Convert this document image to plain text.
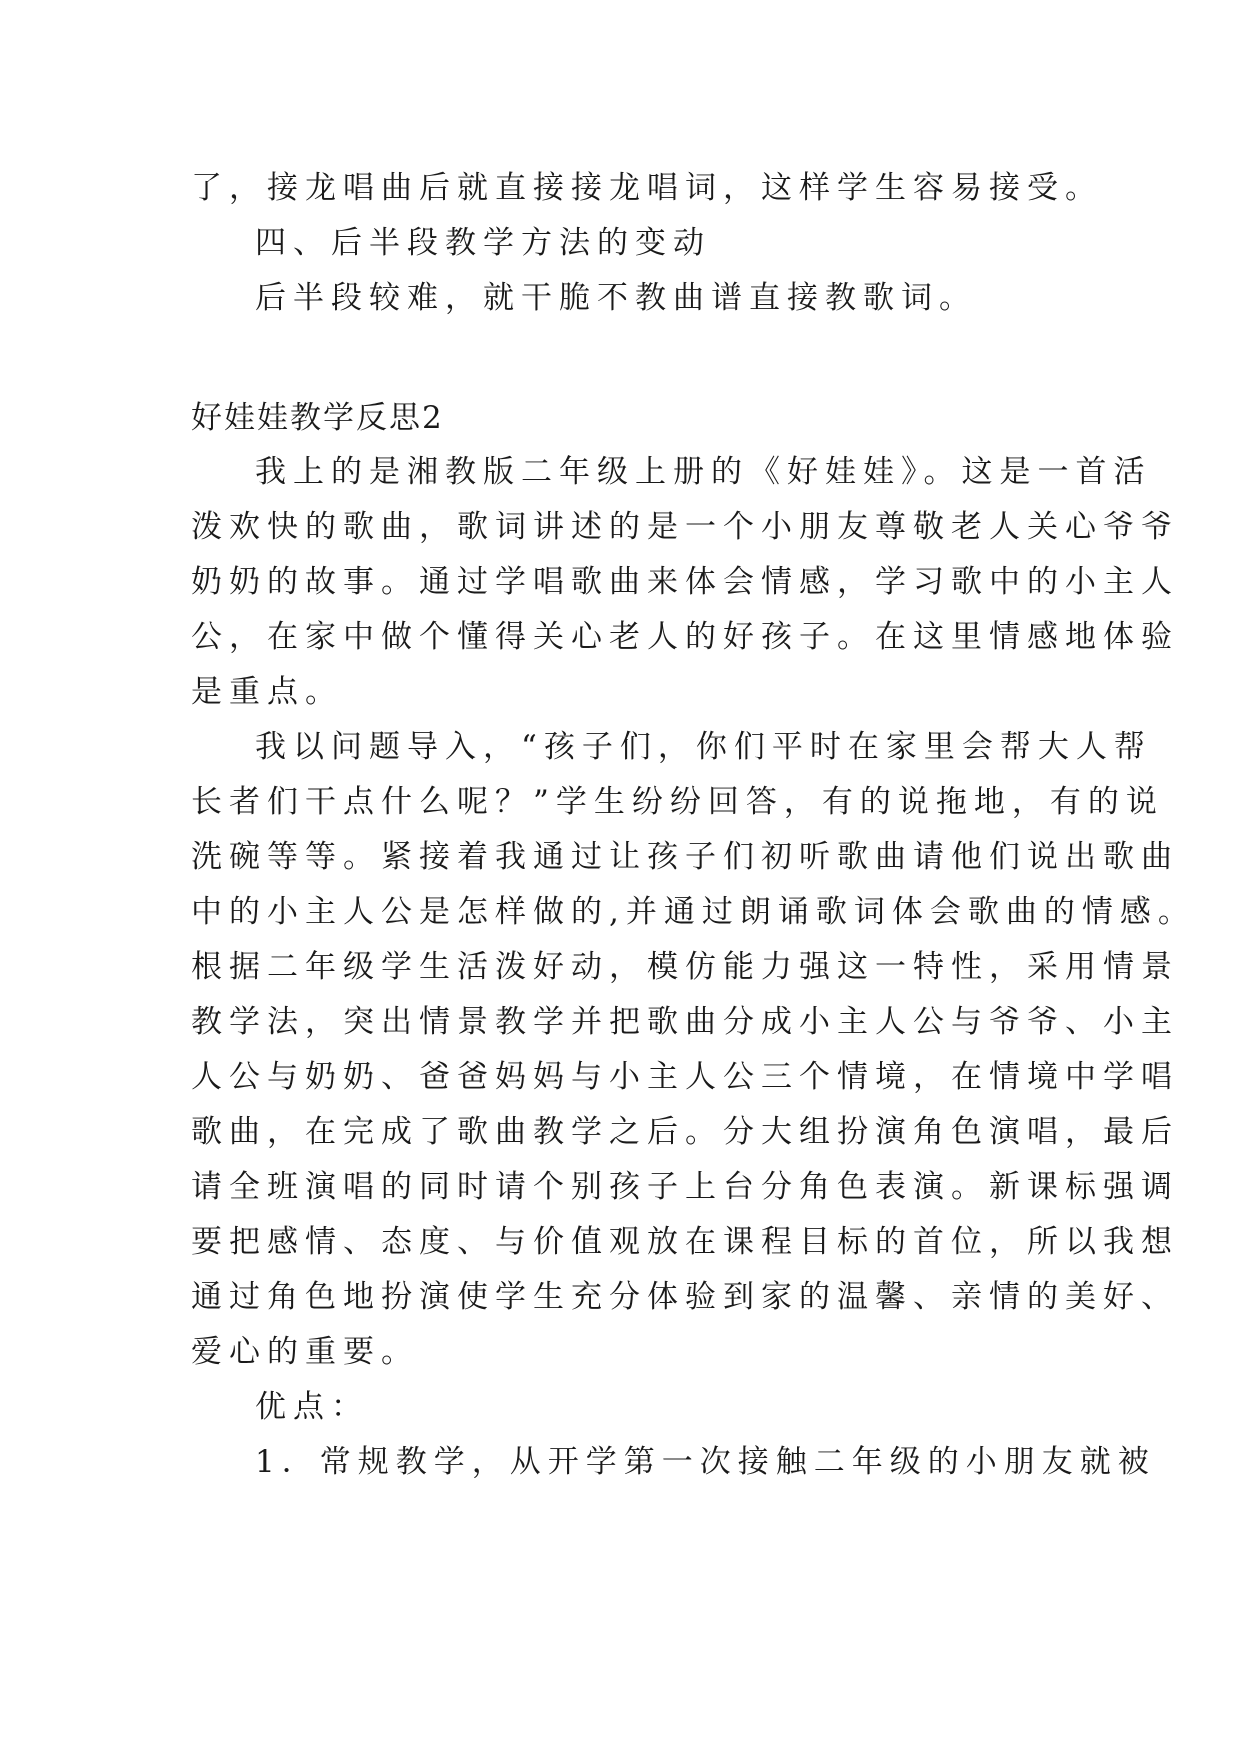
了，接龙唱曲后就直接接龙唱词，这样学生容易接受。
四、后半段教学方法的变动
后半段较难，就干脆不教曲谱直接教歌词。
好娃娃教学反思2
我上的是湘教版二年级上册的《好娃娃》。这是一首活
泼欢快的歌曲，歌词讲述的是一个小朋友尊敬老人关心爷爷
奶奶的故事。通过学唱歌曲来体会情感，学习歌中的小主人
公，在家中做个懂得关心老人的好孩子。在这里情感地体验
是重点。
我以问题导入，“孩子们，你们平时在家里会帮大人帮
长者们干点什么呢？”学生纷纷回答，有的说拖地，有的说
洗碗等等。紧接着我通过让孩子们初听歌曲请他们说出歌曲
中的小主人公是怎样做的,并通过朗诵歌词体会歌曲的情感。
根据二年级学生活泼好动，模仿能力强这一特性，采用情景
教学法，突出情景教学并把歌曲分成小主人公与爷爷、小主
人公与奶奶、爸爸妈妈与小主人公三个情境，在情境中学唱
歌曲，在完成了歌曲教学之后。分大组扮演角色演唱，最后
请全班演唱的同时请个别孩子上台分角色表演。新课标强调
要把感情、态度、与价值观放在课程目标的首位，所以我想
通过角色地扮演使学生充分体验到家的温馨、亲情的美好、
爱心的重要。
优点：
1．常规教学，从开学第一次接触二年级的小朋友就被
